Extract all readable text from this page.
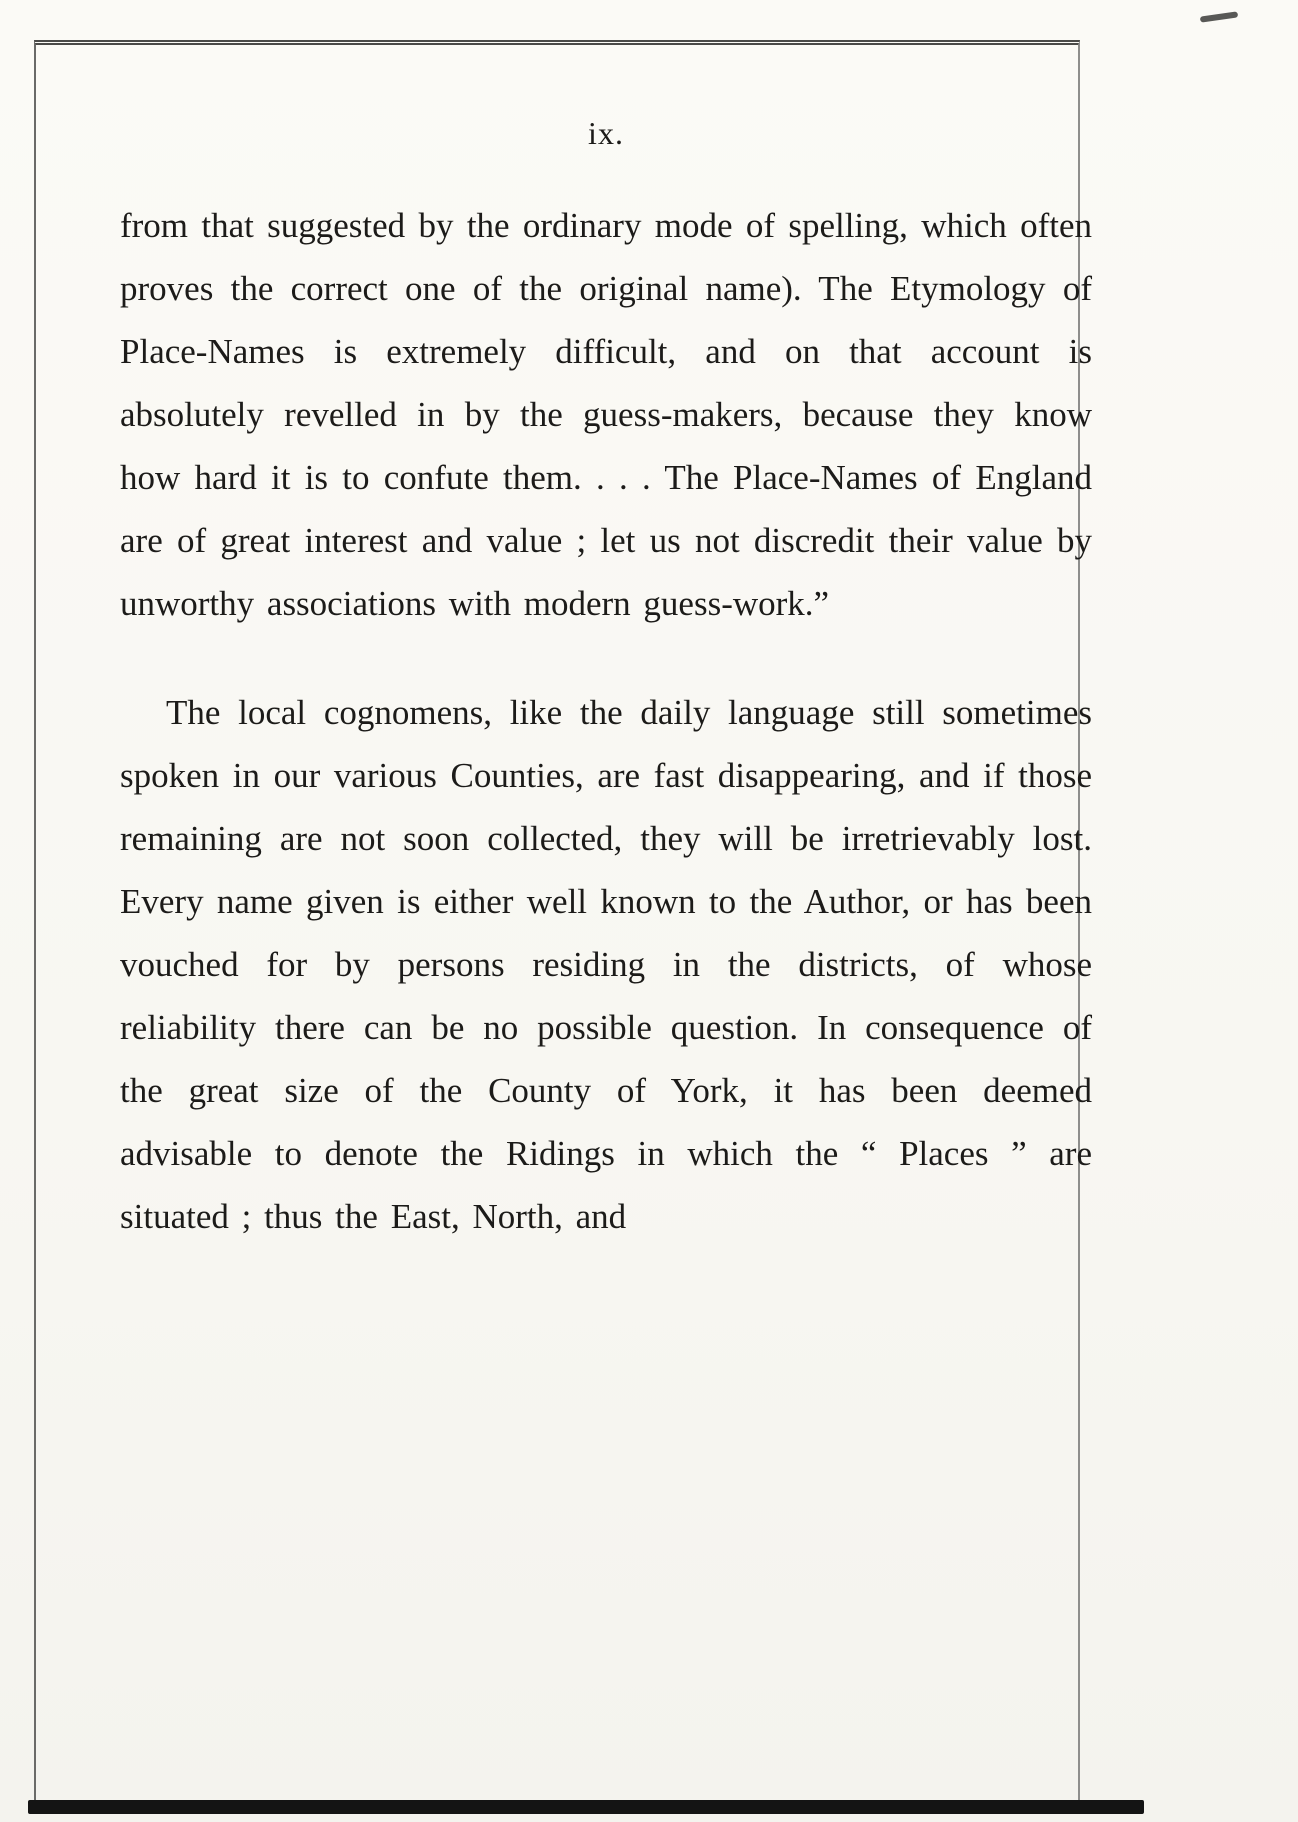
ix.

from that suggested by the ordinary mode of spelling, which often proves the correct one of the original name). The Etymology of Place-Names is extremely difficult, and on that account is absolutely revelled in by the guess-makers, because they know how hard it is to confute them. . . . The Place-Names of England are of great interest and value ; let us not discredit their value by unworthy associations with modern guess-work.”

The local cognomens, like the daily language still sometimes spoken in our various Counties, are fast disappearing, and if those remaining are not soon collected, they will be irretrievably lost. Every name given is either well known to the Author, or has been vouched for by persons residing in the districts, of whose reliability there can be no possible question. In consequence of the great size of the County of York, it has been deemed advisable to denote the Ridings in which the “ Places ” are situated ; thus the East, North, and
